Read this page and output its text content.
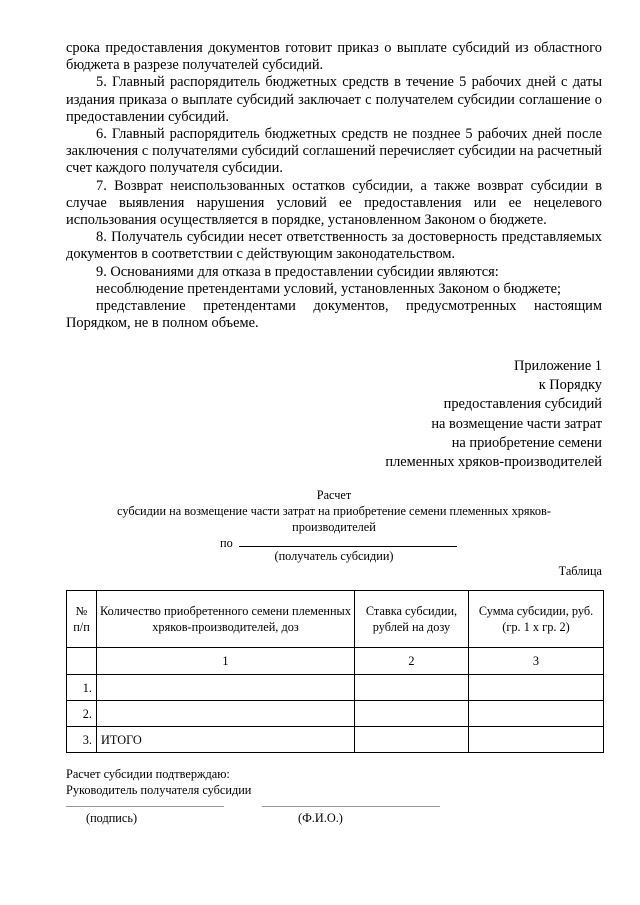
срока предоставления документов готовит приказ о выплате субсидий из областного бюджета в разрезе получателей субсидий.

5. Главный распорядитель бюджетных средств в течение 5 рабочих дней с даты издания приказа о выплате субсидий заключает с получателем субсидии соглашение о предоставлении субсидий.

6. Главный распорядитель бюджетных средств не позднее 5 рабочих дней после заключения с получателями субсидий соглашений перечисляет субсидии на расчетный счет каждого получателя субсидии.

7. Возврат неиспользованных остатков субсидии, а также возврат субсидии в случае выявления нарушения условий ее предоставления или ее нецелевого использования осуществляется в порядке, установленном Законом о бюджете.

8. Получатель субсидии несет ответственность за достоверность представляемых документов в соответствии с действующим законодательством.

9. Основаниями для отказа в предоставлении субсидии являются:

несоблюдение претендентами условий, установленных Законом о бюджете;

представление претендентами документов, предусмотренных настоящим Порядком, не в полном объеме.

Приложение 1
к Порядку
предоставления субсидий
на возмещение части затрат
на приобретение семени
племенных хряков-производителей
Расчет
субсидии на возмещение части затрат на приобретение семени племенных хряков-
производителей
по
(получатель субсидии)
Таблица
№ п/п	Количество приобретенного семени племенных хряков-производителей, доз	Ставка субсидии, рублей на дозу	Сумма субсидии, руб. (гр. 1 x гр. 2)
	1	2	3
1.			
2.			
3.	ИТОГО		
Расчет субсидии подтверждаю:
Руководитель получателя субсидии
(подпись)	(Ф.И.О.)
